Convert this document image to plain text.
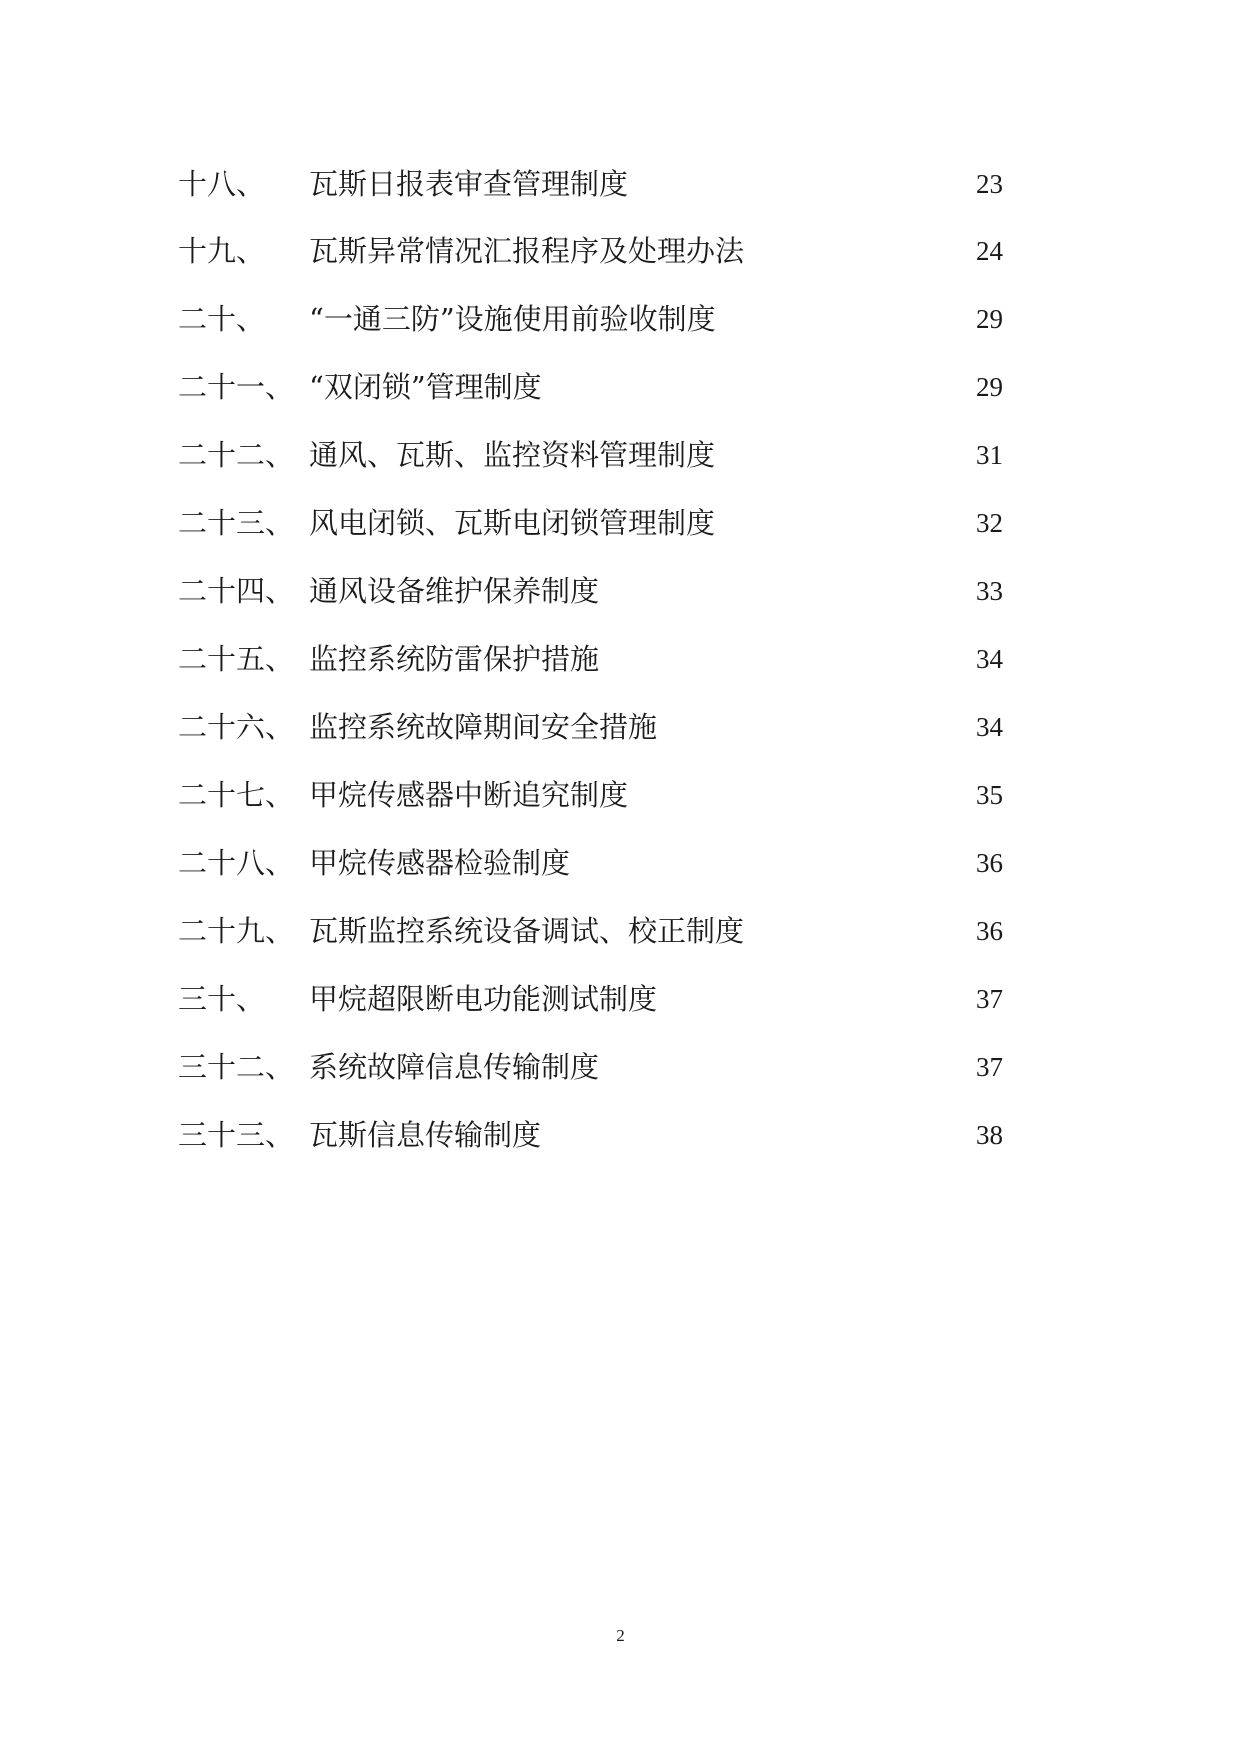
十八、 瓦斯日报表审查管理制度	23
十九、 瓦斯异常情况汇报程序及处理办法	24
二十、 “一通三防”设施使用前验收制度	29
二十一、 “双闭锁”管理制度	29
二十二、 通风、瓦斯、监控资料管理制度	31
二十三、 风电闭锁、瓦斯电闭锁管理制度	32
二十四、 通风设备维护保养制度	33
二十五、 监控系统防雷保护措施	34
二十六、 监控系统故障期间安全措施	34
二十七、 甲烷传感器中断追究制度	35
二十八、 甲烷传感器检验制度	36
二十九、 瓦斯监控系统设备调试、校正制度	36
三十、 甲烷超限断电功能测试制度	37
三十二、 系统故障信息传输制度	37
三十三、 瓦斯信息传输制度	38
2
